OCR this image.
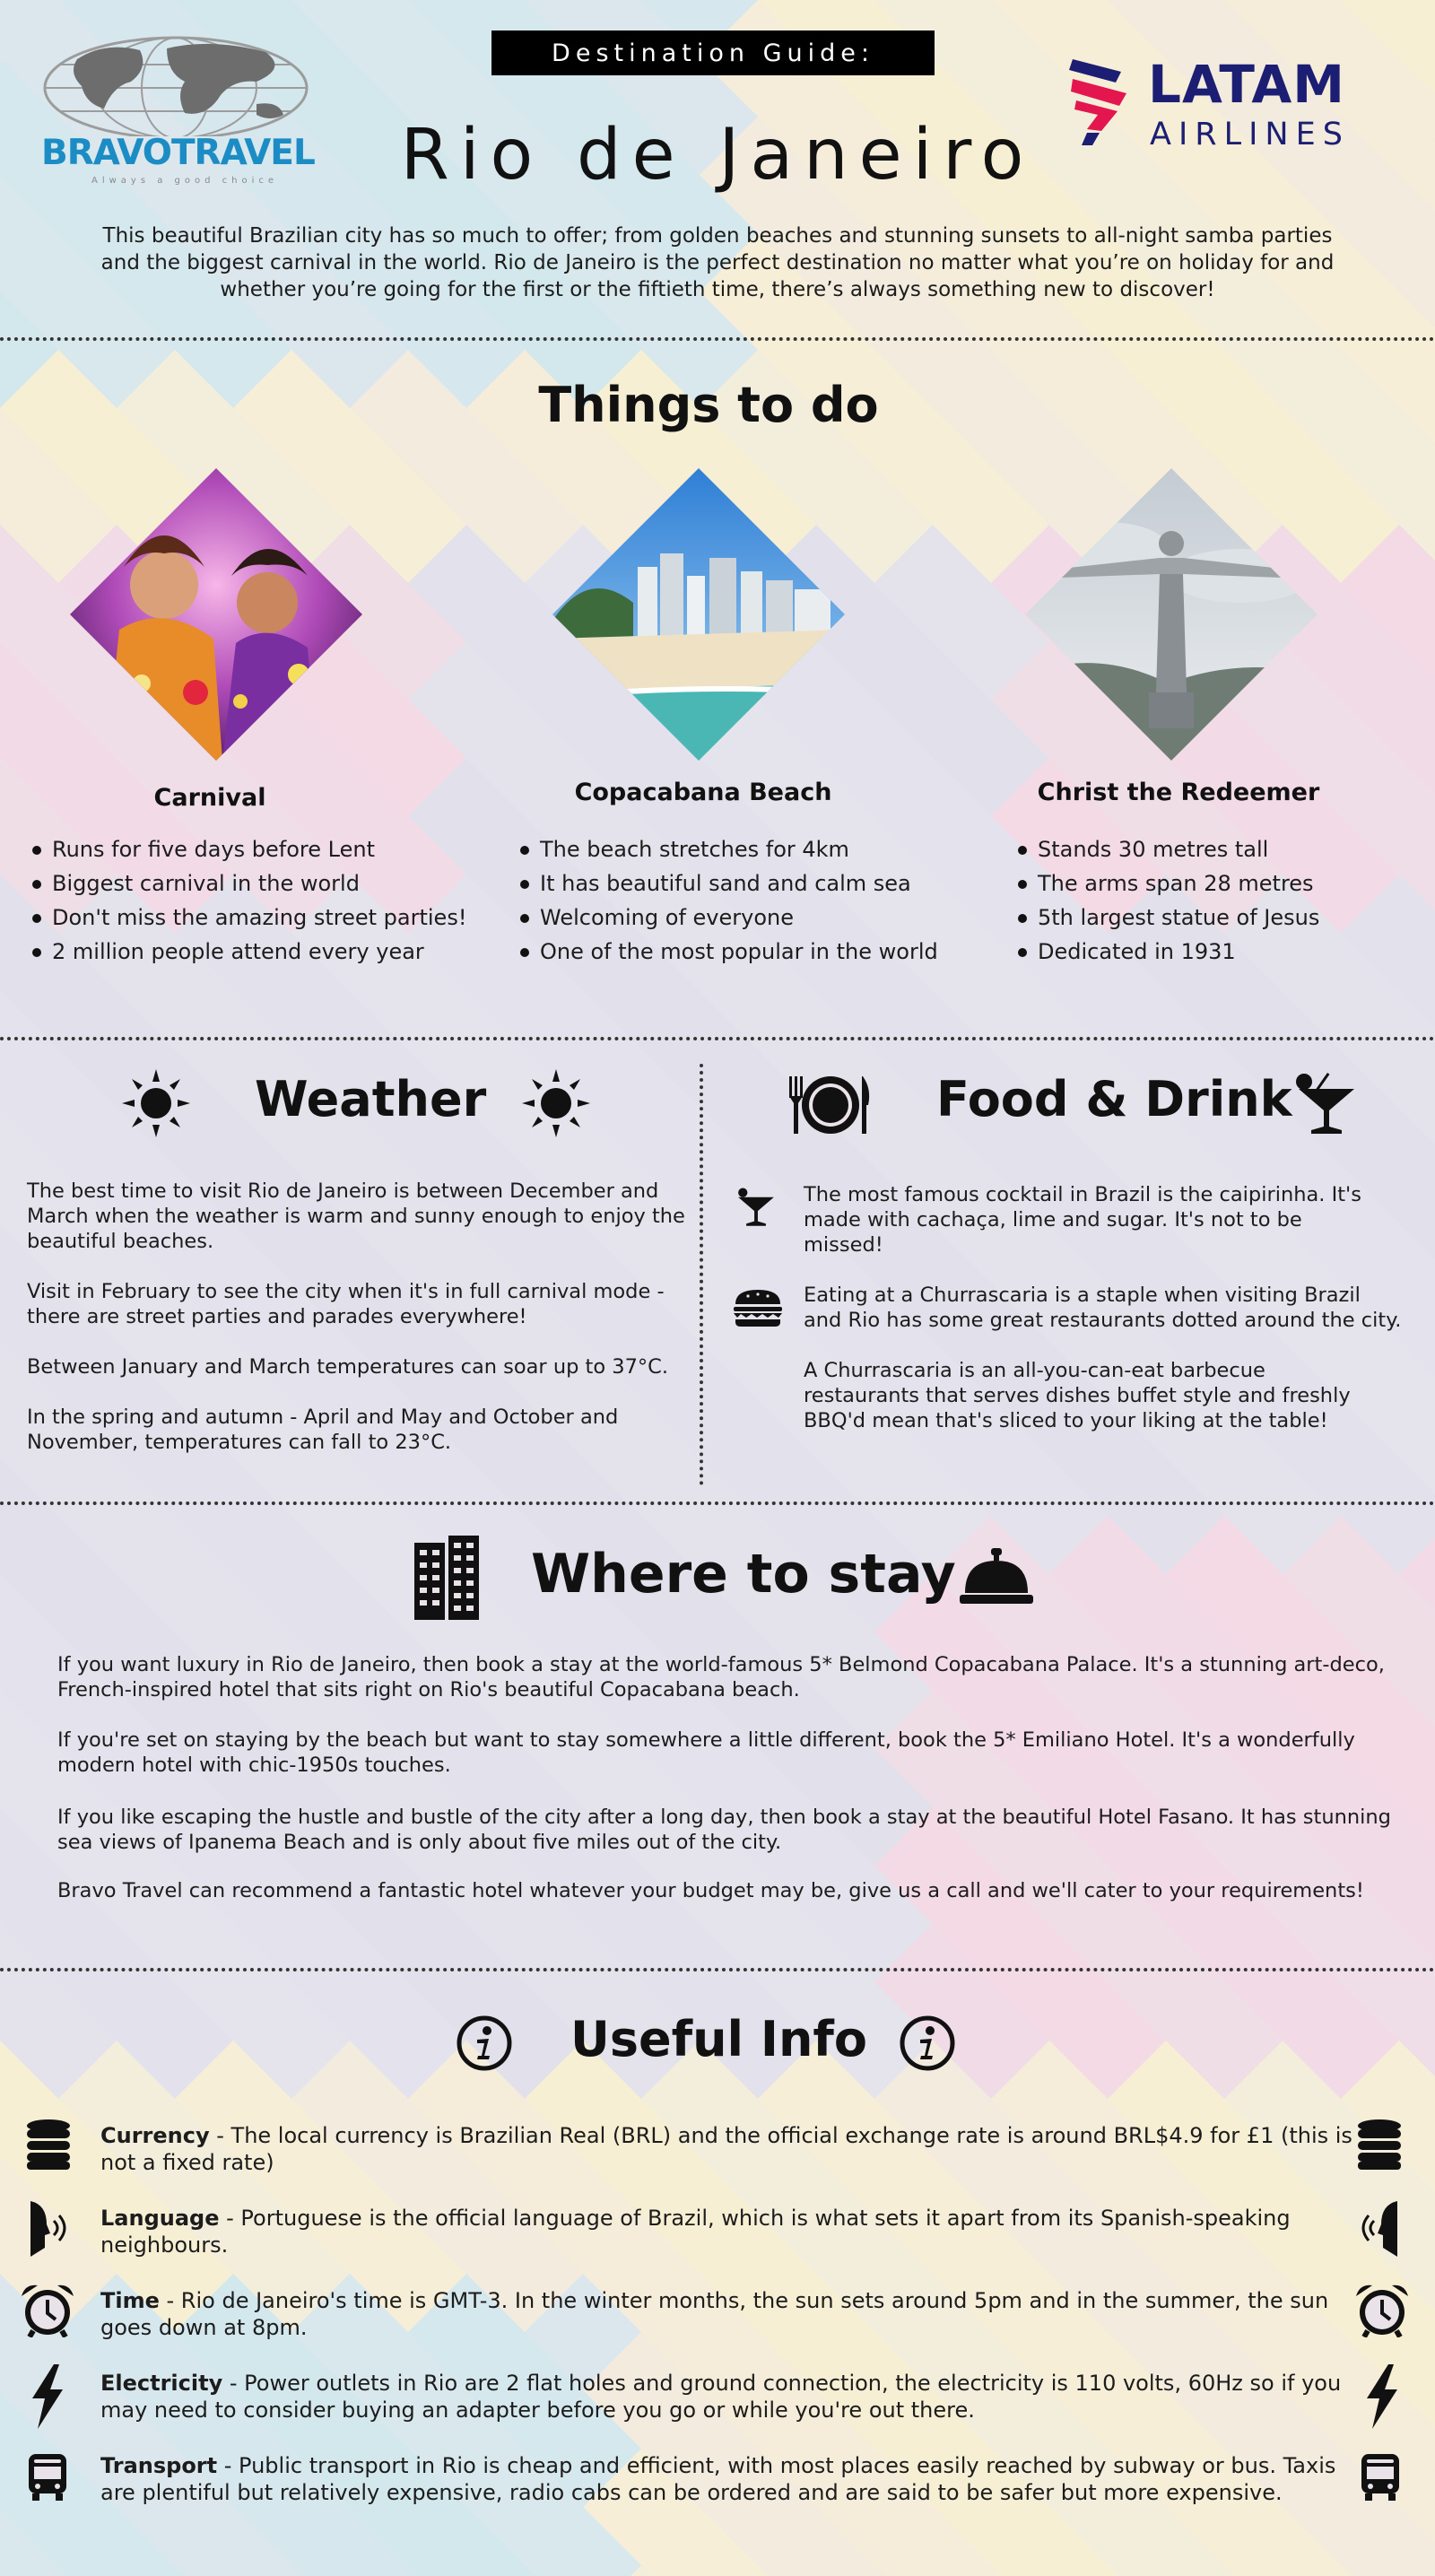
BRAVOTRAVEL
Always a good choice
Destination Guide:
Rio de Janeiro
LATAM
AIRLINES

This beautiful Brazilian city has so much to offer; from golden beaches and stunning sunsets to all-night samba parties and the biggest carnival in the world. Rio de Janeiro is the perfect destination no matter what you’re on holiday for and whether you’re going for the first or the fiftieth time, there’s always something new to discover!

Things to do
Carnival	Copacabana Beach	Christ the Redeemer
Runs for five days before Lent
Biggest carnival in the world
Don't miss the amazing street parties!
2 million people attend every year
The beach stretches for 4km
It has beautiful sand and calm sea
Welcoming of everyone
One of the most popular in the world
Stands 30 metres tall
The arms span 28 metres
5th largest statue of Jesus
Dedicated in 1931
Weather

The best time to visit Rio de Janeiro is between December and March when the weather is warm and sunny enough to enjoy the beautiful beaches.

Visit in February to see the city when it's in full carnival mode - there are street parties and parades everywhere!

Between January and March temperatures can soar up to 37°C.

In the spring and autumn - April and May and October and November, temperatures can fall to 23°C.

Food & Drink

The most famous cocktail in Brazil is the caipirinha. It's made with cachaça, lime and sugar. It's not to be missed!

Eating at a Churrascaria is a staple when visiting Brazil and Rio has some great restaurants dotted around the city.

A Churrascaria is an all-you-can-eat barbecue restaurants that serves dishes buffet style and freshly BBQ'd mean that's sliced to your liking at the table!

Where to stay

If you want luxury in Rio de Janeiro, then book a stay at the world-famous 5* Belmond Copacabana Palace. It's a stunning art-deco, French-inspired hotel that sits right on Rio's beautiful Copacabana beach.

If you're set on staying by the beach but want to stay somewhere a little different, book the 5* Emiliano Hotel. It's a wonderfully modern hotel with chic-1950s touches.

If you like escaping the hustle and bustle of the city after a long day, then book a stay at the beautiful Hotel Fasano. It has stunning sea views of Ipanema Beach and is only about five miles out of the city.

Bravo Travel can recommend a fantastic hotel whatever your budget may be, give us a call and we'll cater to your requirements!

Useful Info
Currency - The local currency is Brazilian Real (BRL) and the official exchange rate is around BRL$4.9 for £1 (this is not a fixed rate)
Language - Portuguese is the official language of Brazil, which is what sets it apart from its Spanish-speaking neighbours.
Time - Rio de Janeiro's time is GMT-3. In the winter months, the sun sets around 5pm and in the summer, the sun goes down at 8pm.
Electricity - Power outlets in Rio are 2 flat holes and ground connection, the electricity is 110 volts, 60Hz so if you may need to consider buying an adapter before you go or while you're out there.
Transport - Public transport in Rio is cheap and efficient, with most places easily reached by subway or bus. Taxis are plentiful but relatively expensive, radio cabs can be ordered and are said to be safer but more expensive.
